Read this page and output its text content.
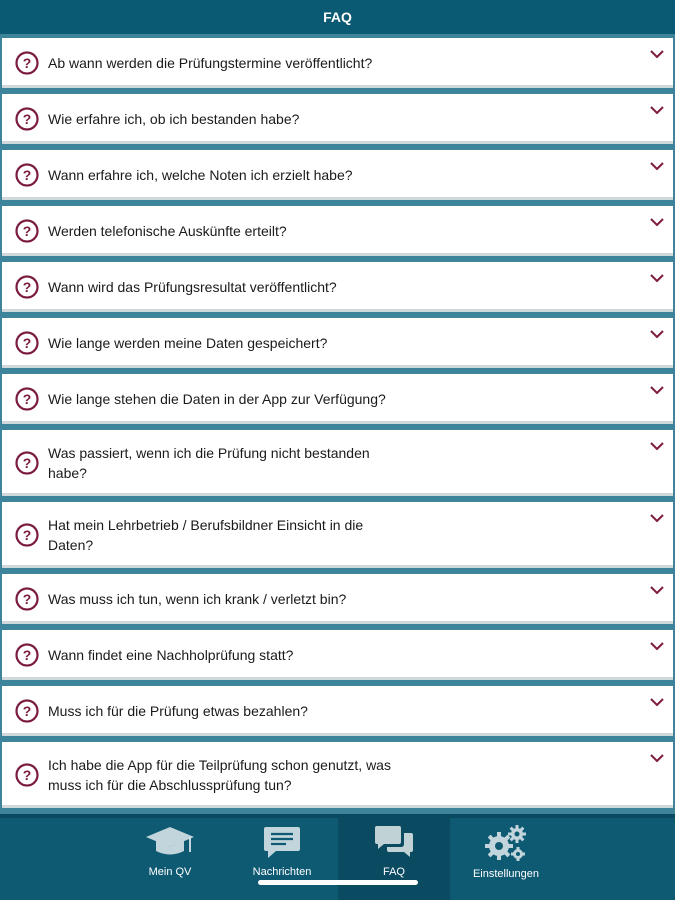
FAQ
? Ab wann werden die Prüfungstermine veröffentlicht?
? Wie erfahre ich, ob ich bestanden habe?
? Wann erfahre ich, welche Noten ich erzielt habe?
? Werden telefonische Auskünfte erteilt?
? Wann wird das Prüfungsresultat veröffentlicht?
? Wie lange werden meine Daten gespeichert?
? Wie lange stehen die Daten in der App zur Verfügung?
?
Was passiert, wenn ich die Prüfung nicht bestanden habe?
?
Hat mein Lehrbetrieb / Berufsbildner Einsicht in die Daten?
? Was muss ich tun, wenn ich krank / verletzt bin?
? Wann findet eine Nachholprüfung statt?
? Muss ich für die Prüfung etwas bezahlen?
?
Ich habe die App für die Teilprüfung schon genutzt, was muss ich für die Abschlussprüfung tun?
Mein QV	Nachrichten	FAQ	Einstellungen
